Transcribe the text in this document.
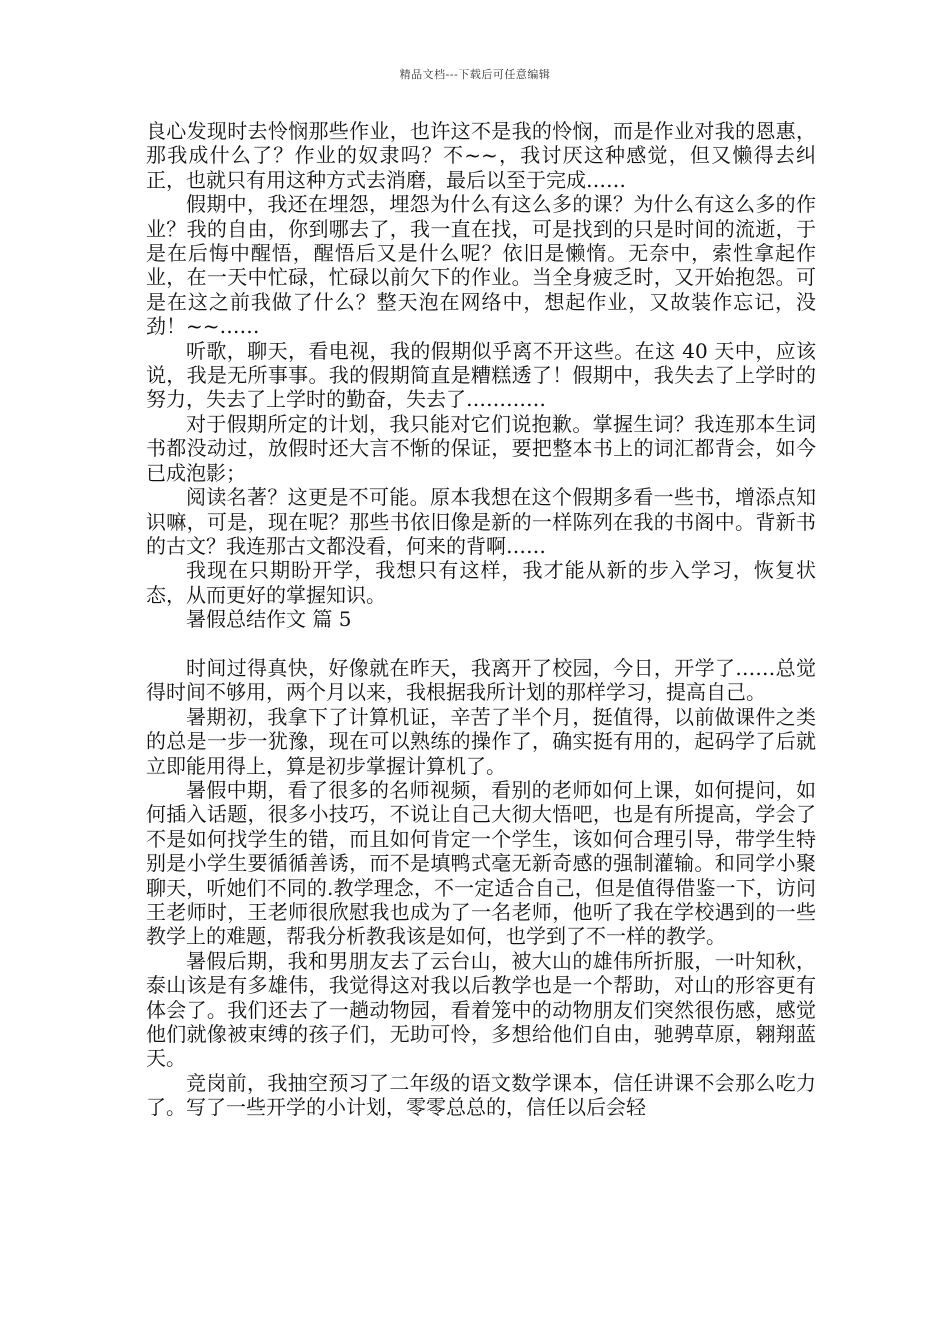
精品文档---下载后可任意编辑

良心发现时去怜悯那些作业，也许这不是我的怜悯，而是作业对我的恩惠，那我成什么了？作业的奴隶吗？不~~，我讨厌这种感觉，但又懒得去纠正，也就只有用这种方式去消磨，最后以至于完成……

假期中，我还在埋怨，埋怨为什么有这么多的课？为什么有这么多的作业？我的自由，你到哪去了，我一直在找，可是找到的只是时间的流逝，于是在后悔中醒悟，醒悟后又是什么呢？依旧是懒惰。无奈中，索性拿起作业，在一天中忙碌，忙碌以前欠下的作业。当全身疲乏时，又开始抱怨。可是在这之前我做了什么？整天泡在网络中，想起作业，又故装作忘记，没劲！~~……

听歌，聊天，看电视，我的假期似乎离不开这些。在这 40 天中，应该说，我是无所事事。我的假期简直是糟糕透了！假期中，我失去了上学时的努力，失去了上学时的勤奋，失去了…………

对于假期所定的计划，我只能对它们说抱歉。掌握生词？我连那本生词书都没动过，放假时还大言不惭的保证，要把整本书上的词汇都背会，如今已成泡影；

阅读名著？这更是不可能。原本我想在这个假期多看一些书，增添点知识嘛，可是，现在呢？那些书依旧像是新的一样陈列在我的书阁中。背新书的古文？我连那古文都没看，何来的背啊……

我现在只期盼开学，我想只有这样，我才能从新的步入学习，恢复状态，从而更好的掌握知识。

暑假总结作文 篇 5

时间过得真快，好像就在昨天，我离开了校园，今日，开学了……总觉得时间不够用，两个月以来，我根据我所计划的那样学习，提高自己。

暑期初，我拿下了计算机证，辛苦了半个月，挺值得，以前做课件之类的总是一步一犹豫，现在可以熟练的操作了，确实挺有用的，起码学了后就立即能用得上，算是初步掌握计算机了。

暑假中期，看了很多的名师视频，看别的老师如何上课，如何提问，如何插入话题，很多小技巧，不说让自己大彻大悟吧，也是有所提高，学会了不是如何找学生的错，而且如何肯定一个学生，该如何合理引导，带学生特别是小学生要循循善诱，而不是填鸭式毫无新奇感的强制灌输。和同学小聚聊天，听她们不同的.教学理念，不一定适合自己，但是值得借鉴一下，访问王老师时，王老师很欣慰我也成为了一名老师，他听了我在学校遇到的一些教学上的难题，帮我分析教我该是如何，也学到了不一样的教学。

暑假后期，我和男朋友去了云台山，被大山的雄伟所折服，一叶知秋，泰山该是有多雄伟，我觉得这对我以后教学也是一个帮助，对山的形容更有体会了。我们还去了一趟动物园，看着笼中的动物朋友们突然很伤感，感觉他们就像被束缚的孩子们，无助可怜，多想给他们自由，驰骋草原，翱翔蓝天。

竞岗前，我抽空预习了二年级的语文数学课本，信任讲课不会那么吃力了。写了一些开学的小计划，零零总总的，信任以后会轻
